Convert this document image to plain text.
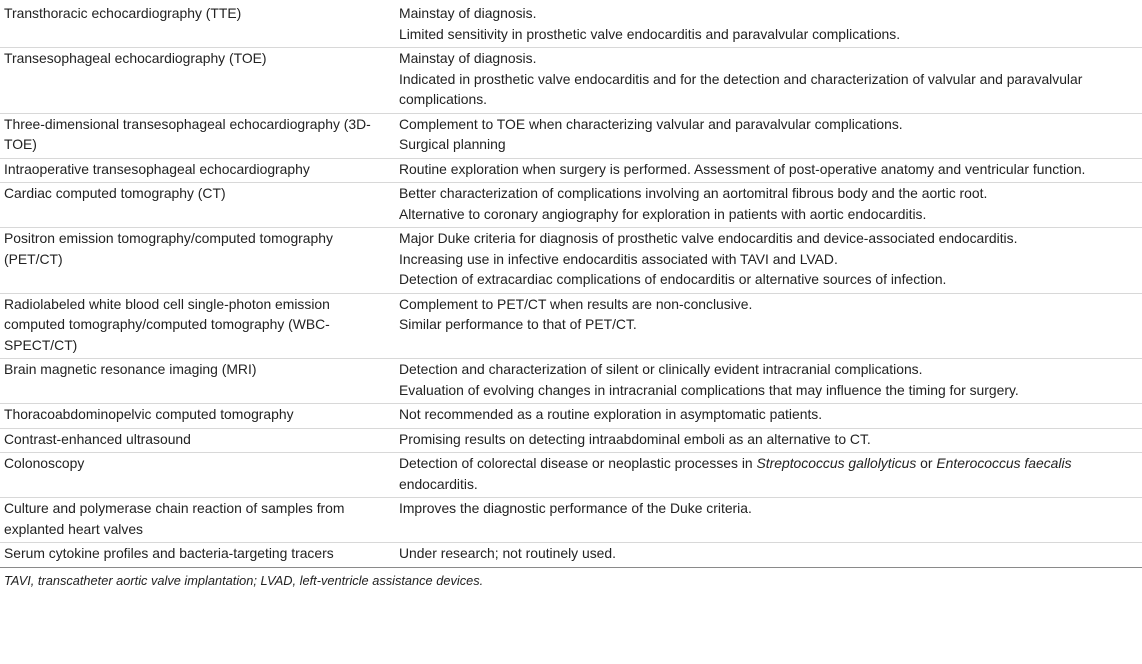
Transthoracic echocardiography (TTE)	Mainstay of diagnosis.
Limited sensitivity in prosthetic valve endocarditis and paravalvular complications.

Transesophageal echocardiography (TOE)	Mainstay of diagnosis.
Indicated in prosthetic valve endocarditis and for the detection and characterization of valvular and paravalvular complications.

Three-dimensional transesophageal echocardiography (3D-TOE)	Complement to TOE when characterizing valvular and paravalvular complications.
Surgical planning

Intraoperative transesophageal echocardiography	Routine exploration when surgery is performed. Assessment of post-operative anatomy and ventricular function.

Cardiac computed tomography (CT)	Better characterization of complications involving an aortomitral fibrous body and the aortic root.
Alternative to coronary angiography for exploration in patients with aortic endocarditis.

Positron emission tomography/computed tomography (PET/CT)	Major Duke criteria for diagnosis of prosthetic valve endocarditis and device-associated endocarditis.
Increasing use in infective endocarditis associated with TAVI and LVAD.
Detection of extracardiac complications of endocarditis or alternative sources of infection.

Radiolabeled white blood cell single-photon emission computed tomography/computed tomography (WBC-SPECT/CT)	Complement to PET/CT when results are non-conclusive.
Similar performance to that of PET/CT.

Brain magnetic resonance imaging (MRI)	Detection and characterization of silent or clinically evident intracranial complications.
Evaluation of evolving changes in intracranial complications that may influence the timing for surgery.

Thoracoabdominopelvic computed tomography	Not recommended as a routine exploration in asymptomatic patients.

Contrast-enhanced ultrasound	Promising results on detecting intraabdominal emboli as an alternative to CT.

Colonoscopy	Detection of colorectal disease or neoplastic processes in Streptococcus gallolyticus or Enterococcus faecalis endocarditis.
Culture and polymerase chain reaction of samples from explanted heart valves	Improves the diagnostic performance of the Duke criteria.

Serum cytokine profiles and bacteria-targeting tracers	Under research; not routinely used.
TAVI, transcatheter aortic valve implantation; LVAD, left-ventricle assistance devices.
